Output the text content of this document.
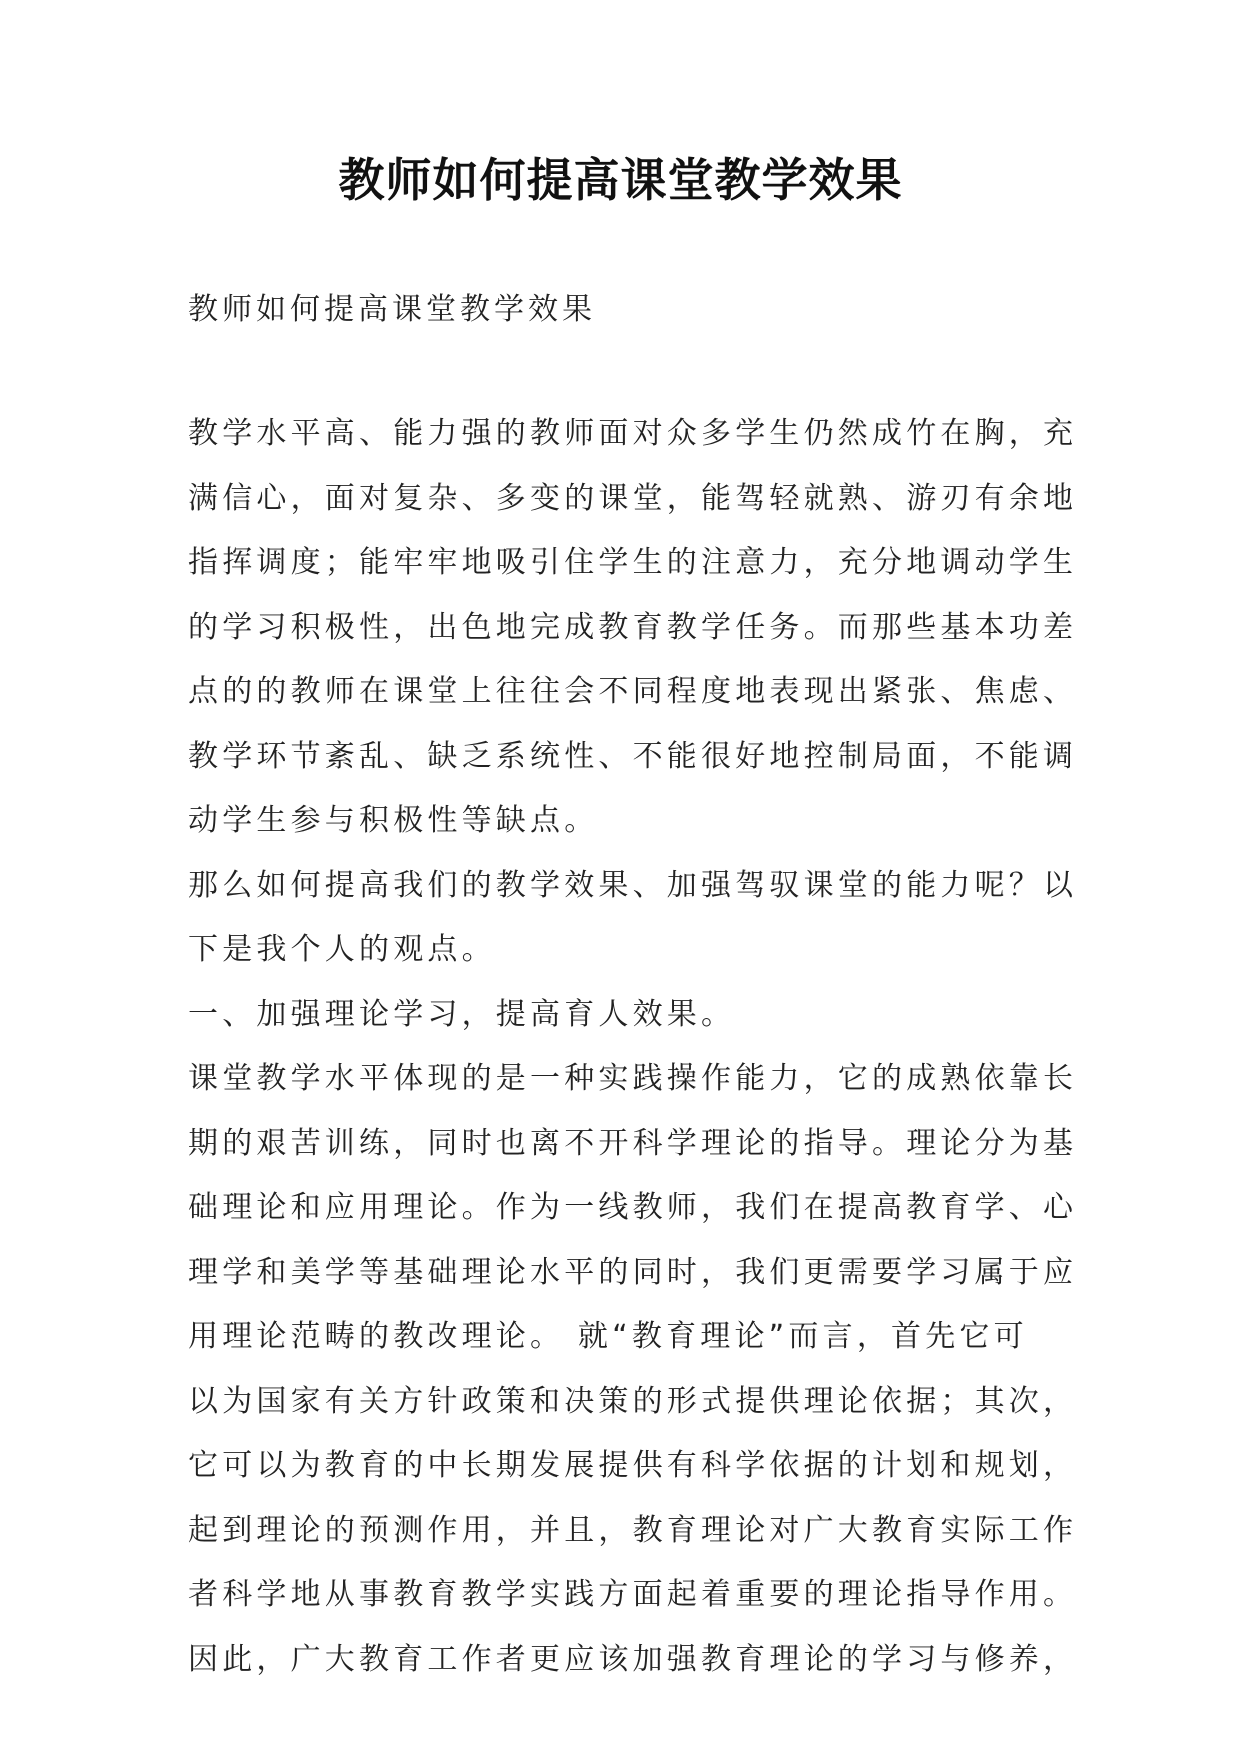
教师如何提高课堂教学效果

教师如何提高课堂教学效果

教学水平高、能力强的教师面对众多学生仍然成竹在胸，充
满信心，面对复杂、多变的课堂，能驾轻就熟、游刃有余地
指挥调度；能牢牢地吸引住学生的注意力，充分地调动学生
的学习积极性，出色地完成教育教学任务。而那些基本功差
点的的教师在课堂上往往会不同程度地表现出紧张、焦虑、
教学环节紊乱、缺乏系统性、不能很好地控制局面，不能调
动学生参与积极性等缺点。
那么如何提高我们的教学效果、加强驾驭课堂的能力呢？以
下是我个人的观点。
一、加强理论学习，提高育人效果。
课堂教学水平体现的是一种实践操作能力，它的成熟依靠长
期的艰苦训练，同时也离不开科学理论的指导。理论分为基
础理论和应用理论。作为一线教师，我们在提高教育学、心
理学和美学等基础理论水平的同时，我们更需要学习属于应
用理论范畴的教改理论。 就“教育理论”而言，首先它可
以为国家有关方针政策和决策的形式提供理论依据；其次，
它可以为教育的中长期发展提供有科学依据的计划和规划，
起到理论的预测作用，并且，教育理论对广大教育实际工作
者科学地从事教育教学实践方面起着重要的理论指导作用。
因此，广大教育工作者更应该加强教育理论的学习与修养，
